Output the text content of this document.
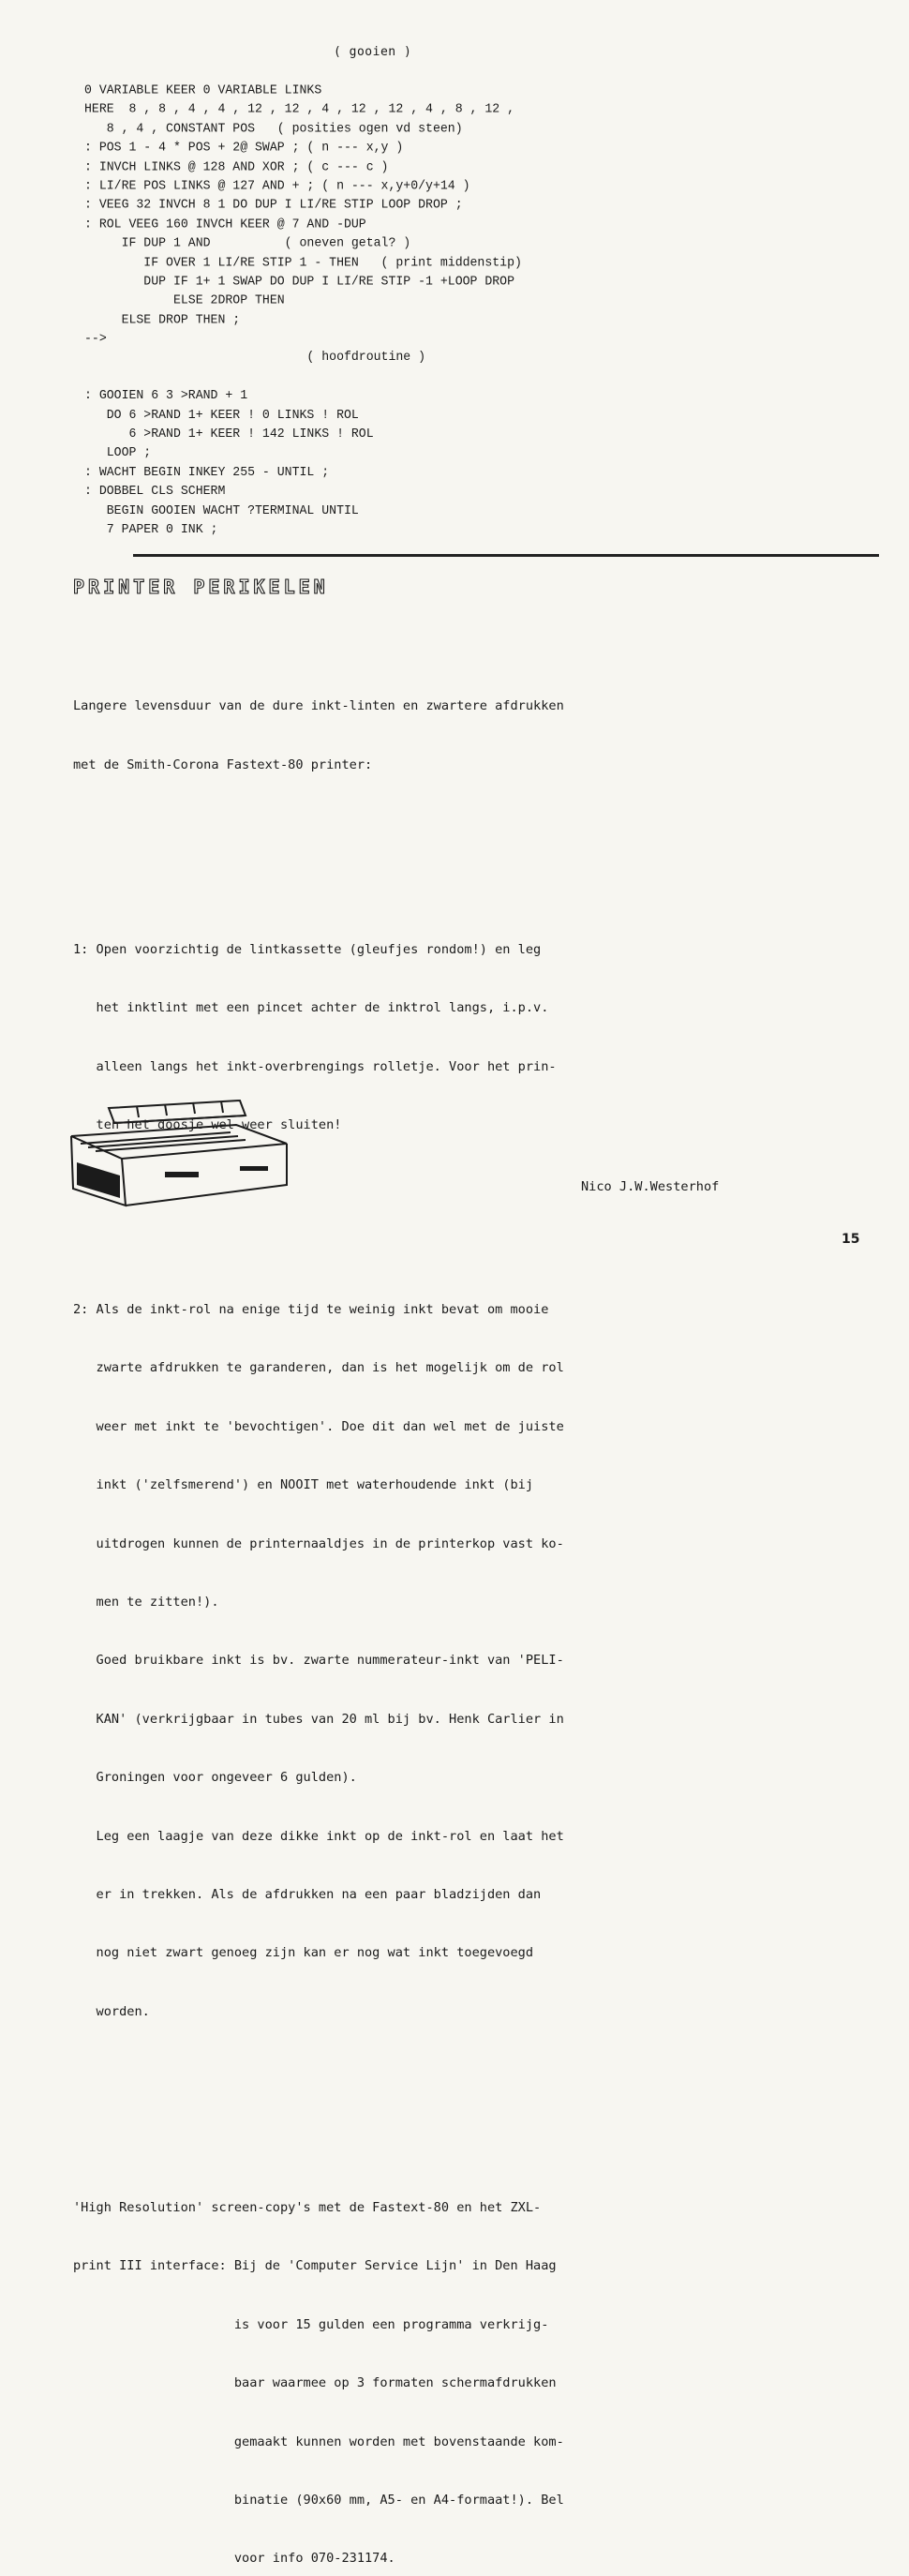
( gooien )
0 VARIABLE KEER 0 VARIABLE LINKS
HERE  8 , 8 , 4 , 4 , 12 , 12 , 4 , 12 , 12 , 4 , 8 , 12 ,
8 , 4 , CONSTANT POS   ( posities ogen vd steen)
: POS 1 - 4 * POS + 2@ SWAP ; ( n --- x,y )
: INVCH LINKS @ 128 AND XOR ; ( c --- c )
: LI/RE POS LINKS @ 127 AND + ; ( n --- x,y+0/y+14 )
: VEEG 32 INVCH 8 1 DO DUP I LI/RE STIP LOOP DROP ;
: ROL VEEG 160 INVCH KEER @ 7 AND -DUP
IF DUP 1 AND          ( oneven getal? )
IF OVER 1 LI/RE STIP 1 - THEN   ( print middenstip)
DUP IF 1+ 1 SWAP DO DUP I LI/RE STIP -1 +LOOP DROP
ELSE 2DROP THEN
ELSE DROP THEN ;
-->
( hoofdroutine )
: GOOIEN 6 3 >RAND + 1
DO 6 >RAND 1+ KEER ! 0 LINKS ! ROL
6 >RAND 1+ KEER ! 142 LINKS ! ROL
LOOP ;
: WACHT BEGIN INKEY 255 - UNTIL ;
: DOBBEL CLS SCHERM
BEGIN GOOIEN WACHT ?TERMINAL UNTIL
7 PAPER 0 INK ;
PRINTER PERIKELEN

Langere levensduur van de dure inkt-linten en zwartere afdrukken

met de Smith-Corona Fastext-80 printer:

1: Open voorzichtig de lintkassette (gleufjes rondom!) en leg

het inktlint met een pincet achter de inktrol langs, i.p.v.

alleen langs het inkt-overbrengings rolletje. Voor het prin-

ten het doosje wel weer sluiten!

2: Als de inkt-rol na enige tijd te weinig inkt bevat om mooie

zwarte afdrukken te garanderen, dan is het mogelijk om de rol

weer met inkt te 'bevochtigen'. Doe dit dan wel met de juiste

inkt ('zelfsmerend') en NOOIT met waterhoudende inkt (bij

uitdrogen kunnen de printernaaldjes in de printerkop vast ko-

men te zitten!).

Goed bruikbare inkt is bv. zwarte nummerateur-inkt van 'PELI-

KAN' (verkrijgbaar in tubes van 20 ml bij bv. Henk Carlier in

Groningen voor ongeveer 6 gulden).

Leg een laagje van deze dikke inkt op de inkt-rol en laat het

er in trekken. Als de afdrukken na een paar bladzijden dan

nog niet zwart genoeg zijn kan er nog wat inkt toegevoegd

worden.

'High Resolution' screen-copy's met de Fastext-80 en het ZXL-

print III interface: Bij de 'Computer Service Lijn' in Den Haag

is voor 15 gulden een programma verkrijg-

baar waarmee op 3 formaten schermafdrukken

gemaakt kunnen worden met bovenstaande kom-

binatie (90x60 mm, A5- en A4-formaat!). Bel

voor info 070-231174.

Nico J.W.Westerhof
15
